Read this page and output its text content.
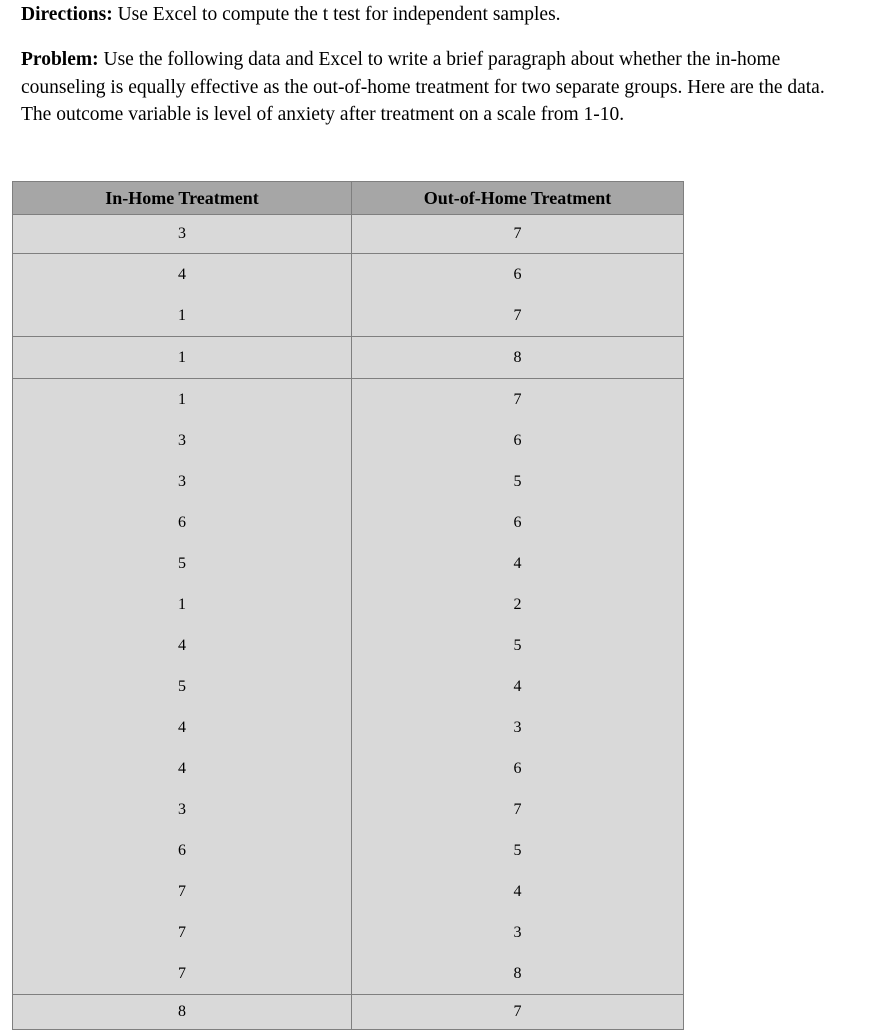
Directions: Use Excel to compute the t test for independent samples.

Problem: Use the following data and Excel to write a brief paragraph about whether the in-home counseling is equally effective as the out-of-home treatment for two separate groups. Here are the data. The outcome variable is level of anxiety after treatment on a scale from 1-10.

In-Home Treatment	Out-of-Home Treatment
3	7
4	6
1	7
1	8
1	7
3	6
3	5
6	6
5	4
1	2
4	5
5	4
4	3
4	6
3	7
6	5
7	4
7	3
7	8
8	7
